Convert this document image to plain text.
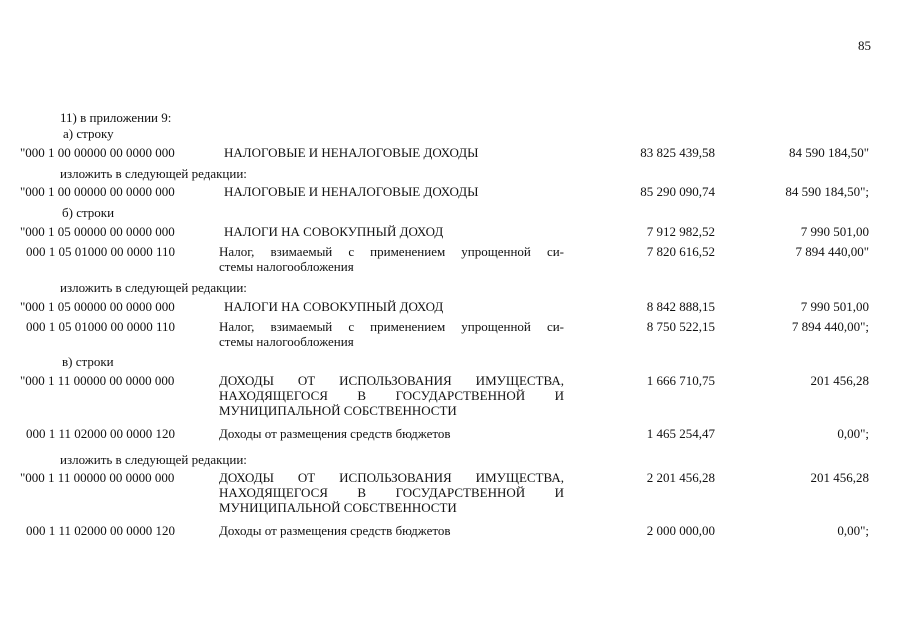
85
11) в приложении 9:
а) строку
"000 1 00 00000 00 0000 000	НАЛОГОВЫЕ И НЕНАЛОГОВЫЕ ДОХОДЫ	83 825 439,58	84 590 184,50"
изложить в следующей редакции:
"000 1 00 00000 00 0000 000	НАЛОГОВЫЕ И НЕНАЛОГОВЫЕ ДОХОДЫ	85 290 090,74	84 590 184,50";
б) строки
"000 1 05 00000 00 0000 000	НАЛОГИ НА СОВОКУПНЫЙ ДОХОД	7 912 982,52	7 990 501,00
000 1 05 01000 00 0000 110	Налог, взимаемый с применением упрощенной си-
стемы налогообложения
7 820 616,52	7 894 440,00"
изложить в следующей редакции:
"000 1 05 00000 00 0000 000	НАЛОГИ НА СОВОКУПНЫЙ ДОХОД	8 842 888,15	7 990 501,00
000 1 05 01000 00 0000 110	Налог, взимаемый с применением упрощенной си-
стемы налогообложения
8 750 522,15	7 894 440,00";
в) строки
"000 1 11 00000 00 0000 000	ДОХОДЫ ОТ ИСПОЛЬЗОВАНИЯ ИМУЩЕСТВА,
НАХОДЯЩЕГОСЯ В ГОСУДАРСТВЕННОЙ И
МУНИЦИПАЛЬНОЙ СОБСТВЕННОСТИ
1 666 710,75	201 456,28
000 1 11 02000 00 0000 120	Доходы от размещения средств бюджетов	1 465 254,47	0,00";
изложить в следующей редакции:
"000 1 11 00000 00 0000 000	ДОХОДЫ ОТ ИСПОЛЬЗОВАНИЯ ИМУЩЕСТВА,
НАХОДЯЩЕГОСЯ В ГОСУДАРСТВЕННОЙ И
МУНИЦИПАЛЬНОЙ СОБСТВЕННОСТИ
2 201 456,28	201 456,28
000 1 11 02000 00 0000 120	Доходы от размещения средств бюджетов	2 000 000,00	0,00";
